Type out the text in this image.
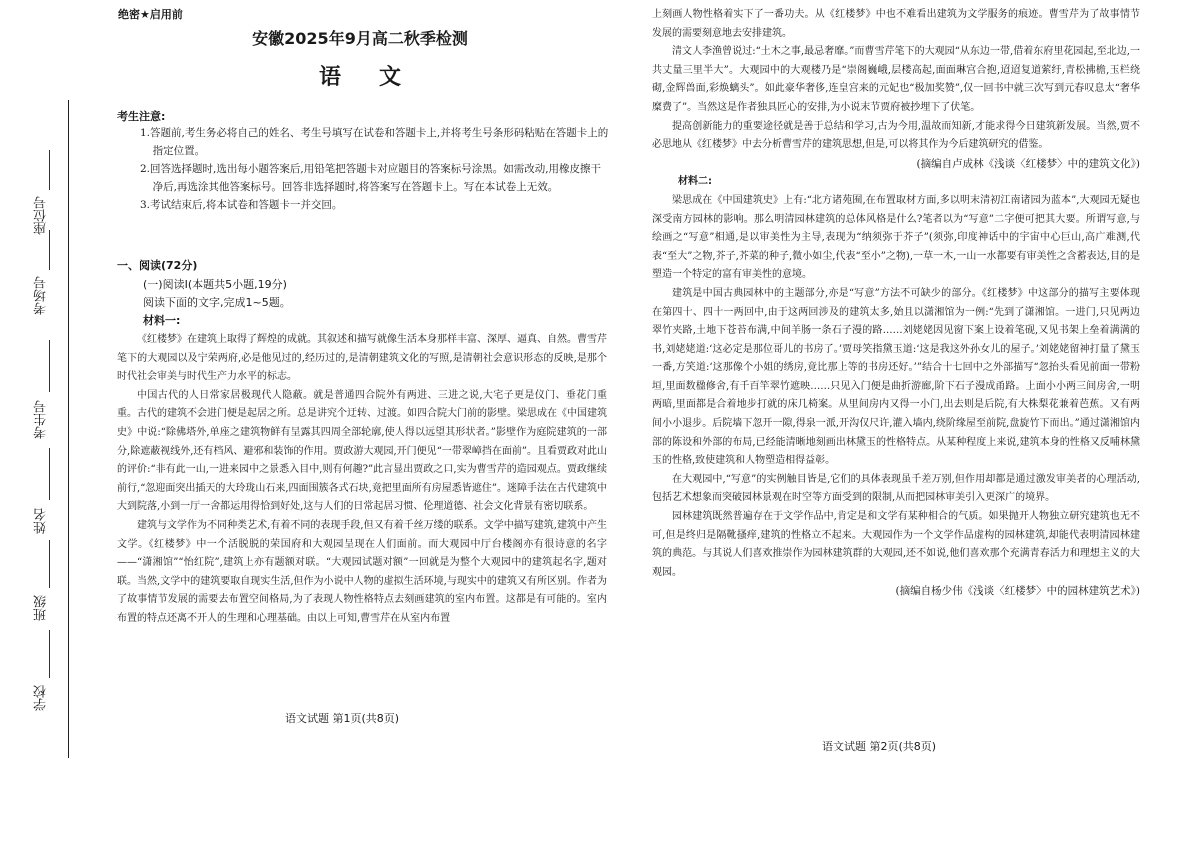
座位号
考场号
考生号
姓名
班级
学校
绝密★启用前
安徽2025年9月高二秋季检测
语文
考生注意:

1.答题前,考生务必将自己的姓名、考生号填写在试卷和答题卡上,并将考生号条形码粘贴在答题卡上的指定位置。

2.回答选择题时,选出每小题答案后,用铅笔把答题卡对应题目的答案标号涂黑。如需改动,用橡皮擦干净后,再选涂其他答案标号。回答非选择题时,将答案写在答题卡上。写在本试卷上无效。

3.考试结束后,将本试卷和答题卡一并交回。

一、阅读(72分)
(一)阅读Ⅰ(本题共5小题,19分)
阅读下面的文字,完成1~5题。
材料一:

《红楼梦》在建筑上取得了辉煌的成就。其叙述和描写就像生活本身那样丰富、深厚、逼真、自然。曹雪芹笔下的大观园以及宁荣两府,必是他见过的,经历过的,是清朝建筑文化的写照,是清朝社会意识形态的反映,是那个时代社会审美与时代生产力水平的标志。

中国古代的人日常家居极现代人隐蔽。就是普通四合院外有两进、三进之说,大宅子更是仪门、垂花门重重。古代的建筑不会进门便是起居之所。总是讲究个迂转、过渡。如四合院大门前的影壁。梁思成在《中国建筑史》中说:“除佛塔外,单座之建筑物鲜有呈露其四周全部轮廓,使人得以远望其形状者。”影壁作为庭院建筑的一部分,除遮蔽视线外,还有档风、避邪和装饰的作用。贾政游大观园,开门便见“一带翠嶂挡在面前”。且看贾政对此山的评价:“非有此一山,一进来园中之景悉入目中,则有何趣?”此言显出贾政之口,实为曹雪芹的造园观点。贾政继续前行,“忽迎面突出插天的大玲珑山石来,四面围簇各式石块,竟把里面所有房屋悉皆遮住”。迷障手法在古代建筑中大到院落,小到一厅一舍都运用得恰到好处,这与人们的日常起居习惯、伦理道德、社会文化背景有密切联系。

建筑与文学作为不同种类艺术,有着不同的表现手段,但又有着千丝万缕的联系。文学中描写建筑,建筑中产生文学。《红楼梦》中一个活脱脱的荣国府和大观园呈现在人们面前。而大观园中厅台楼阁亦有很诗意的名字——“潇湘馆”“怡红院”,建筑上亦有题额对联。“大观园试题对额”一回就是为整个大观园中的建筑起名字,题对联。当然,文学中的建筑要取自现实生活,但作为小说中人物的虚拟生活环境,与现实中的建筑又有所区别。作者为了故事情节发展的需要去布置空间格局,为了表现人物性格特点去刻画建筑的室内布置。这都是有可能的。室内布置的特点还离不开人的生理和心理基础。由以上可知,曹雪芹在从室内布置

语文试题 第1页(共8页)

上刻画人物性格着实下了一番功夫。从《红楼梦》中也不难看出建筑为文学服务的痕迹。曹雪芹为了故事情节发展的需要刻意地去安排建筑。

清文人李渔曾说过:“土木之事,最忌奢靡。”而曹雪芹笔下的大观园“从东边一带,借着东府里花园起,至北边,一共丈量三里半大”。大观园中的大观楼乃是“崇阁巍峨,层楼高起,面面琳宫合抱,迢迢复道萦纡,青松拂檐,玉栏绕砌,金辉兽面,彩焕螭头”。如此豪华奢侈,连皇宫来的元妃也“极加奖赞”,仅一回书中就三次写到元春叹息太“奢华糜费了”。当然这是作者独具匠心的安排,为小说末节贾府被抄埋下了伏笔。

提高创新能力的重要途径就是善于总结和学习,古为今用,温故而知新,才能求得今日建筑新发展。当然,贾不必思地从《红楼梦》中去分析曹雪芹的建筑思想,但是,可以将其作为今后建筑研究的借鉴。

(摘编自卢成林《浅谈〈红楼梦〉中的建筑文化》)

材料二:

梁思成在《中国建筑史》上有:“北方诸苑囿,在布置取材方面,多以明末清初江南诸园为蓝本”,大观园无疑也深受南方园林的影响。那么明清园林建筑的总体风格是什么?笔者以为“写意”二字便可把其大要。所谓写意,与绘画之“写意”相通,是以审美性为主导,表现为“纳须弥于芥子”(须弥,印度神话中的宇宙中心巨山,高广难测,代表“至大”之物,芥子,芥菜的种子,微小如尘,代表“至小”之物),一草一木,一山一水都要有审美性之含蓄表达,目的是塑造一个特定的富有审美性的意境。

建筑是中国古典园林中的主题部分,亦是“写意”方法不可缺少的部分。《红楼梦》中这部分的描写主要体现在第四十、四十一两回中,由于这两回涉及的建筑太多,始且以潇湘馆为一例:“先到了潇湘馆。一进门,只见两边翠竹夹路,土地下苍苔布满,中间羊肠一条石子漫的路……刘姥姥因见窗下案上设着笔砚,又见书架上垒着满满的书,刘姥姥道:‘这必定是那位哥儿的书房了。’贾母笑指黛玉道:‘这是我这外孙女儿的屋子。’刘姥姥留神打量了黛玉一番,方笑道:‘这那像个小姐的绣房,竟比那上等的书房还好。’”结合十七回中之外部描写“忽抬头看见前面一带粉垣,里面数楹修舍,有千百竿翠竹遮映……只见入门便是曲折游廊,阶下石子漫成甬路。上面小小两三间房舍,一明两暗,里面都是合着地步打就的床几椅案。从里间房内又得一小门,出去则是后院,有大株梨花兼着芭蕉。又有两间小小退步。后院墙下忽开一隙,得泉一派,开沟仅尺许,灌入墙内,绕阶缘屋至前院,盘旋竹下而出。”通过潇湘馆内部的陈设和外部的布局,已经能清晰地刻画出林黛玉的性格特点。从某种程度上来说,建筑本身的性格又反哺林黛玉的性格,致使建筑和人物塑造相得益彰。

在大观园中,“写意”的实例触目皆是,它们的具体表现虽千差万别,但作用却都是通过激发审美者的心理活动,包括艺术想象而突破园林景观在时空等方面受到的限制,从而把园林审美引入更深广的境界。

园林建筑既然普遍存在于文学作品中,肯定是和文学有某种相合的气质。如果抛开人物独立研究建筑也无不可,但是终归是隔靴搔痒,建筑的性格立不起来。大观园作为一个文学作品虚构的园林建筑,却能代表明清园林建筑的典范。与其说人们喜欢推崇作为园林建筑群的大观园,还不如说,他们喜欢那个充满青春活力和理想主义的大观园。

(摘编自杨少伟《浅谈〈红楼梦〉中的园林建筑艺术》)

语文试题 第2页(共8页)
